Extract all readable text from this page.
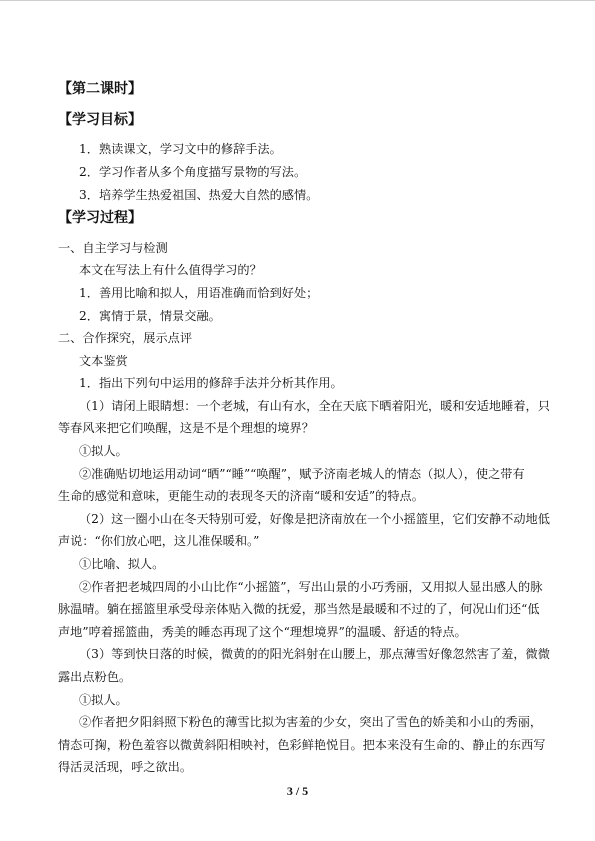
【第二课时】
【学习目标】
1．熟读课文，学习文中的修辞手法。
2．学习作者从多个角度描写景物的写法。
3．培养学生热爱祖国、热爱大自然的感情。
【学习过程】
一、自主学习与检测
本文在写法上有什么值得学习的？
1．善用比喻和拟人，用语准确而恰到好处；
2．寓情于景，情景交融。
二、合作探究，展示点评
文本鉴赏
1．指出下列句中运用的修辞手法并分析其作用。
（1）请闭上眼睛想：一个老城，有山有水，全在天底下晒着阳光，暖和安适地睡着，只
等春风来把它们唤醒，这是不是个理想的境界？
①拟人。
②准确贴切地运用动词“晒”“睡”“唤醒”，赋予济南老城人的情态（拟人），使之带有
生命的感觉和意味，更能生动的表现冬天的济南“暖和安适”的特点。
（2）这一圈小山在冬天特别可爱，好像是把济南放在一个小摇篮里，它们安静不动地低
声说：“你们放心吧，这儿准保暖和。”
①比喻、拟人。
②作者把老城四周的小山比作“小摇篮”，写出山景的小巧秀丽，又用拟人显出感人的脉
脉温晴。躺在摇篮里承受母亲体贴入微的抚爱，那当然是最暖和不过的了，何况山们还“低
声地”哼着摇篮曲，秀美的睡态再现了这个“理想境界”的温暖、舒适的特点。
（3）等到快日落的时候，微黄的的阳光斜射在山腰上，那点薄雪好像忽然害了羞，微微
露出点粉色。
①拟人。
②作者把夕阳斜照下粉色的薄雪比拟为害羞的少女，突出了雪色的娇美和小山的秀丽，
情态可掬，粉色羞容以微黄斜阳相映衬，色彩鲜艳悦目。把本来没有生命的、静止的东西写
得活灵活现，呼之欲出。
3 / 5
